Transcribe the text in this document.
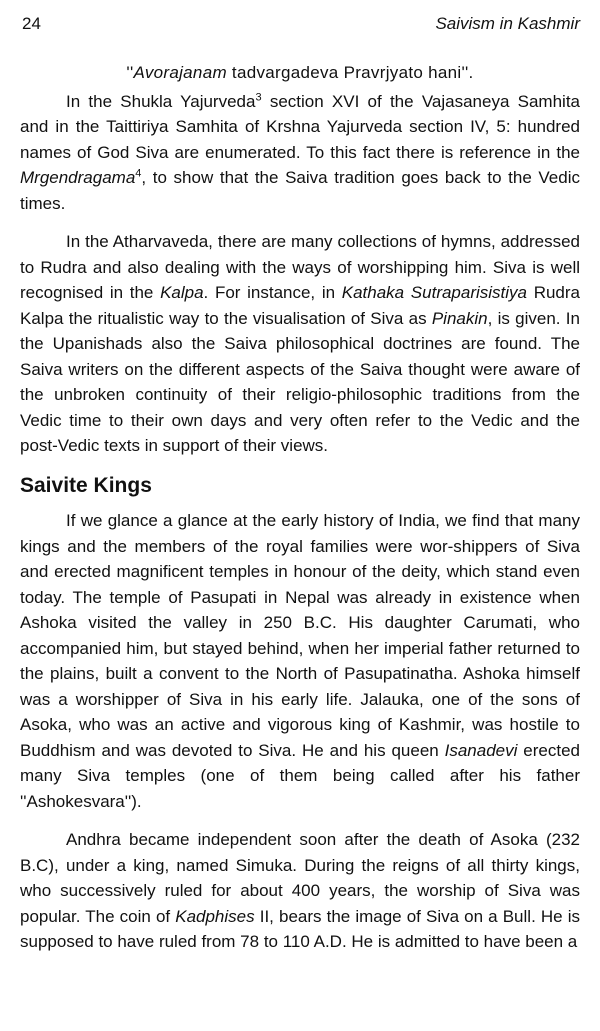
24	Saivism in Kashmir

''Avorajanam tadvargadeva Pravrjyato hani''.

In the Shukla Yajurveda$^3$ section XVI of the Vajasaneya Samhita and in the Taittiriya Samhita of Krshna Yajurveda section IV, 5: hundred names of God Siva are enumerated. To this fact there is reference in the Mrgendragama$^4$, to show that the Saiva tradition goes back to the Vedic times.

In the Atharvaveda, there are many collections of hymns, addressed to Rudra and also dealing with the ways of worshipping him. Siva is well recognised in the Kalpa. For instance, in Kathaka Sutraparisistiya Rudra Kalpa the ritualistic way to the visualisation of Siva as Pinakin, is given. In the Upanishads also the Saiva philosophical doctrines are found. The Saiva writers on the different aspects of the Saiva thought were aware of the unbroken continuity of their religio-philosophic traditions from the Vedic time to their own days and very often refer to the Vedic and the post-Vedic texts in support of their views.

Saivite Kings

If we glance a glance at the early history of India, we find that many kings and the members of the royal families were wor-shippers of Siva and erected magnificent temples in honour of the deity, which stand even today. The temple of Pasupati in Nepal was already in existence when Ashoka visited the valley in 250 B.C. His daughter Carumati, who accompanied him, but stayed behind, when her imperial father returned to the plains, built a convent to the North of Pasupatinatha. Ashoka himself was a worshipper of Siva in his early life. Jalauka, one of the sons of Asoka, who was an active and vigorous king of Kashmir, was hostile to Buddhism and was devoted to Siva. He and his queen Isanadevi erected many Siva temples (one of them being called after his father ''Ashokesvara'').

Andhra became independent soon after the death of Asoka (232 B.C), under a king, named Simuka. During the reigns of all thirty kings, who successively ruled for about 400 years, the worship of Siva was popular. The coin of Kadphises II, bears the image of Siva on a Bull. He is supposed to have ruled from 78 to 110 A.D. He is admitted to have been a
